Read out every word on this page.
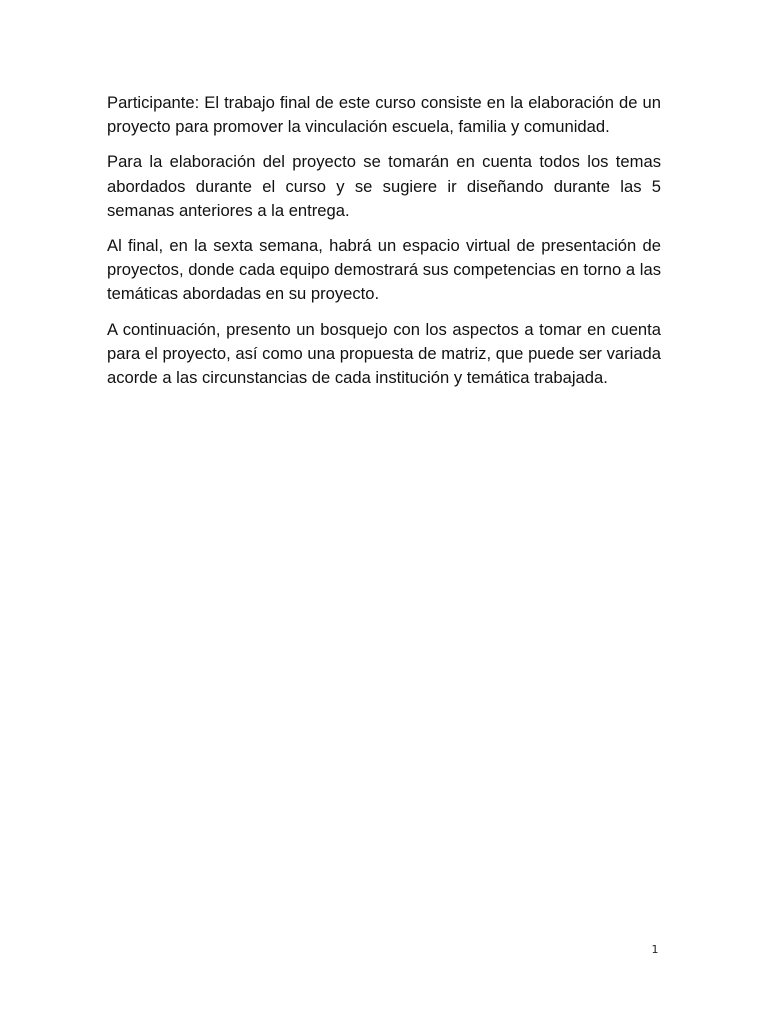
Participante: El trabajo final de este curso consiste en la elaboración de un proyecto para promover la vinculación escuela, familia y comunidad.

Para la elaboración del proyecto se tomarán en cuenta todos los temas abordados durante el curso y se sugiere ir diseñando durante las 5 semanas anteriores a la entrega.

Al final, en la sexta semana, habrá un espacio virtual de presentación de proyectos, donde cada equipo demostrará sus competencias en torno a las temáticas abordadas en su proyecto.

A continuación, presento un bosquejo con los aspectos a tomar en cuenta para el proyecto, así como una propuesta de matriz, que puede ser variada acorde a las circunstancias de cada institución y temática trabajada.

1
